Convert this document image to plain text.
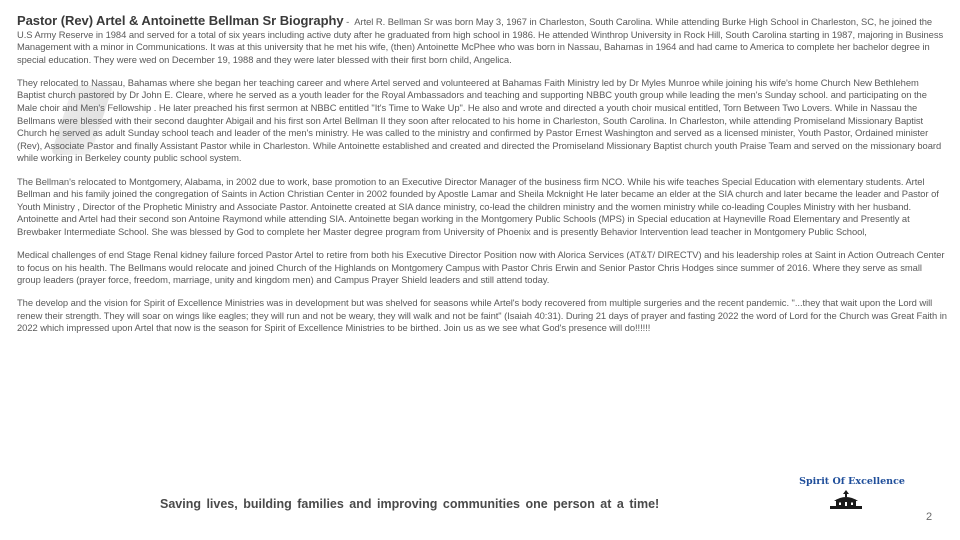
Pastor (Rev) Artel & Antoinette Bellman Sr Biography - Artel R. Bellman Sr was born May 3, 1967 in Charleston, South Carolina. While attending Burke High School in Charleston, SC, he joined the U.S Army Reserve in 1984 and served for a total of six years including active duty after he graduated from high school in 1986. He attended Winthrop University in Rock Hill, South Carolina starting in 1987, majoring in Business Management with a minor in Communications. It was at this university that he met his wife, (then) Antoinette McPhee who was born in Nassau, Bahamas in 1964 and had came to America to complete her bachelor degree in special education. They were wed on December 19, 1988 and they were later blessed with their first born child, Angelica.

They relocated to Nassau, Bahamas where she began her teaching career and where Artel served and volunteered at Bahamas Faith Ministry led by Dr Myles Munroe while joining his wife's home Church New Bethlehem Baptist church pastored by Dr John E. Cleare, where he served as a youth leader for the Royal Ambassadors and teaching and supporting NBBC youth group while leading the men's Sunday school. and participating on the Male choir and Men's Fellowship . He later preached his first sermon at NBBC entitled "It's Time to Wake Up". He also and wrote and directed a youth choir musical entitled, Torn Between Two Lovers. While in Nassau the Bellmans were blessed with their second daughter Abigail and his first son Artel Bellman II they soon after relocated to his home in Charleston, South Carolina. In Charleston, while attending Promiseland Missionary Baptist Church he served as adult Sunday school teach and leader of the men's ministry. He was called to the ministry and confirmed by Pastor Ernest Washington and served as a licensed minister, Youth Pastor, Ordained minister (Rev), Associate Pastor and finally Assistant Pastor while in Charleston. While Antoinette established and created and directed the Promiseland Missionary Baptist church youth Praise Team and served on the missionary board while working in Berkeley county public school system.

The Bellman's relocated to Montgomery, Alabama, in 2002 due to work, base promotion to an Executive Director Manager of the business firm NCO. While his wife teaches Special Education with elementary students. Artel Bellman and his family joined the congregation of Saints in Action Christian Center in 2002 founded by Apostle Lamar and Sheila Mcknight He later became an elder at the SIA church and later became the leader and Pastor of Youth Ministry , Director of the Prophetic Ministry and Associate Pastor. Antoinette created at SIA dance ministry, co-lead the children ministry and the women ministry while co-leading Couples Ministry with her husband. Antoinette and Artel had their second son Antoine Raymond while attending SIA. Antoinette began working in the Montgomery Public Schools (MPS) in Special education at Hayneville Road Elementary and Presently at Brewbaker Intermediate School. She was blessed by God to complete her Master degree program from University of Phoenix and is presently Behavior Intervention lead teacher in Montgomery Public School,

Medical challenges of end Stage Renal kidney failure forced Pastor Artel to retire from both his Executive Director Position now with Alorica Services (AT&T/ DIRECTV) and his leadership roles at Saint in Action Outreach Center to focus on his health. The Bellmans would relocate and joined Church of the Highlands on Montgomery Campus with Pastor Chris Erwin and Senior Pastor Chris Hodges since summer of 2016. Where they serve as small group leaders (prayer force, freedom, marriage, unity and kingdom men) and Campus Prayer Shield leaders and still attend today.

The develop and the vision for Spirit of Excellence Ministries was in development but was shelved for seasons while Artel's body recovered from multiple surgeries and the recent pandemic. "...they that wait upon the Lord will renew their strength. They will soar on wings like eagles; they will run and not be weary, they will walk and not be faint" (Isaiah 40:31). During 21 days of prayer and fasting 2022 the word of Lord for the Church was Great Faith in 2022 which impressed upon Artel that now is the season for Spirit of Excellence Ministries to be birthed. Join us as we see what God's presence will do!!!!!!

Saving lives, building families and improving communities one person at a time!
Spirit Of Excellence
2
